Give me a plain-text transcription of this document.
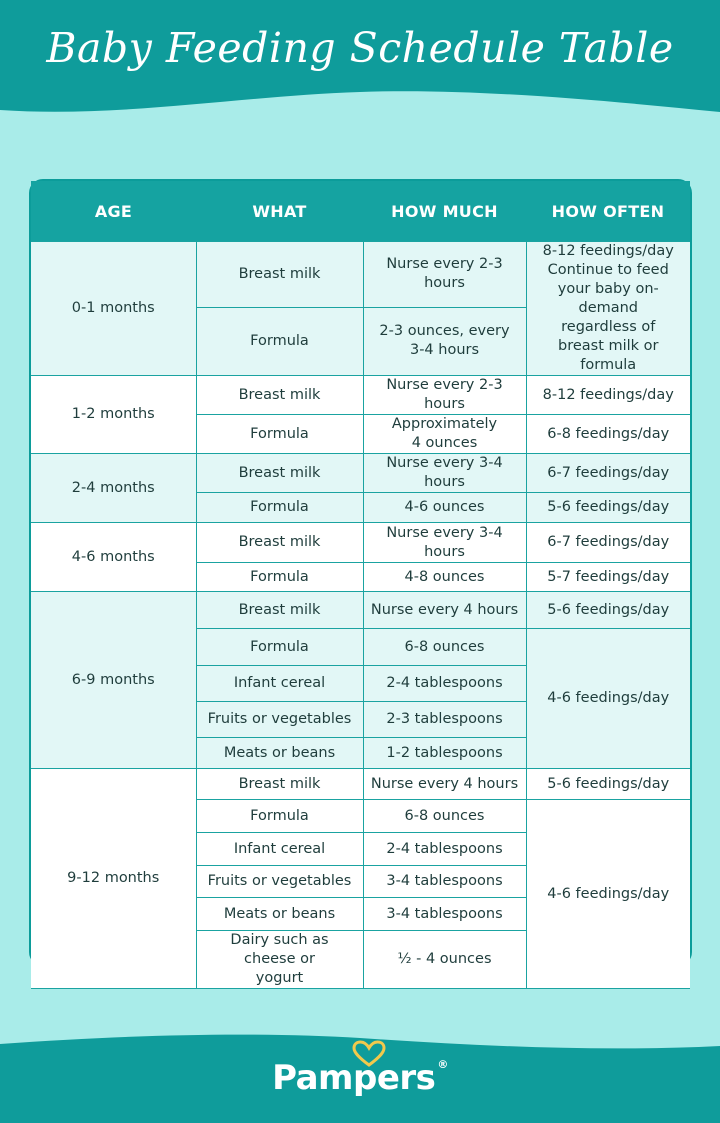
Baby Feeding Schedule Table
AGE	WHAT	HOW MUCH	HOW OFTEN
0-1 months	Breast milk	Nurse every 2-3 hours	8-12 feedings/day Continue to feed your baby on-demand regardless of breast milk or formula
	Formula	2-3 ounces, every 3-4 hours	
1-2 months	Breast milk	Nurse every 2-3 hours	8-12 feedings/day
	Formula	Approximately 4 ounces	6-8 feedings/day
2-4 months	Breast milk	Nurse every 3-4 hours	6-7 feedings/day
	Formula	4-6 ounces	5-6 feedings/day
4-6 months	Breast milk	Nurse every 3-4 hours	6-7 feedings/day
	Formula	4-8 ounces	5-7 feedings/day
6-9 months	Breast milk	Nurse every 4 hours	5-6 feedings/day
	Formula	6-8 ounces	4-6 feedings/day
	Infant cereal	2-4 tablespoons	
	Fruits or vegetables	2-3 tablespoons	
	Meats or beans	1-2 tablespoons	
9-12 months	Breast milk	Nurse every 4 hours	5-6 feedings/day
	Formula	6-8 ounces	4-6 feedings/day
	Infant cereal	2-4 tablespoons	
	Fruits or vegetables	3-4 tablespoons	
	Meats or beans	3-4 tablespoons	
	Dairy such as cheese or yogurt	½ - 4 ounces	
Pampers ®
